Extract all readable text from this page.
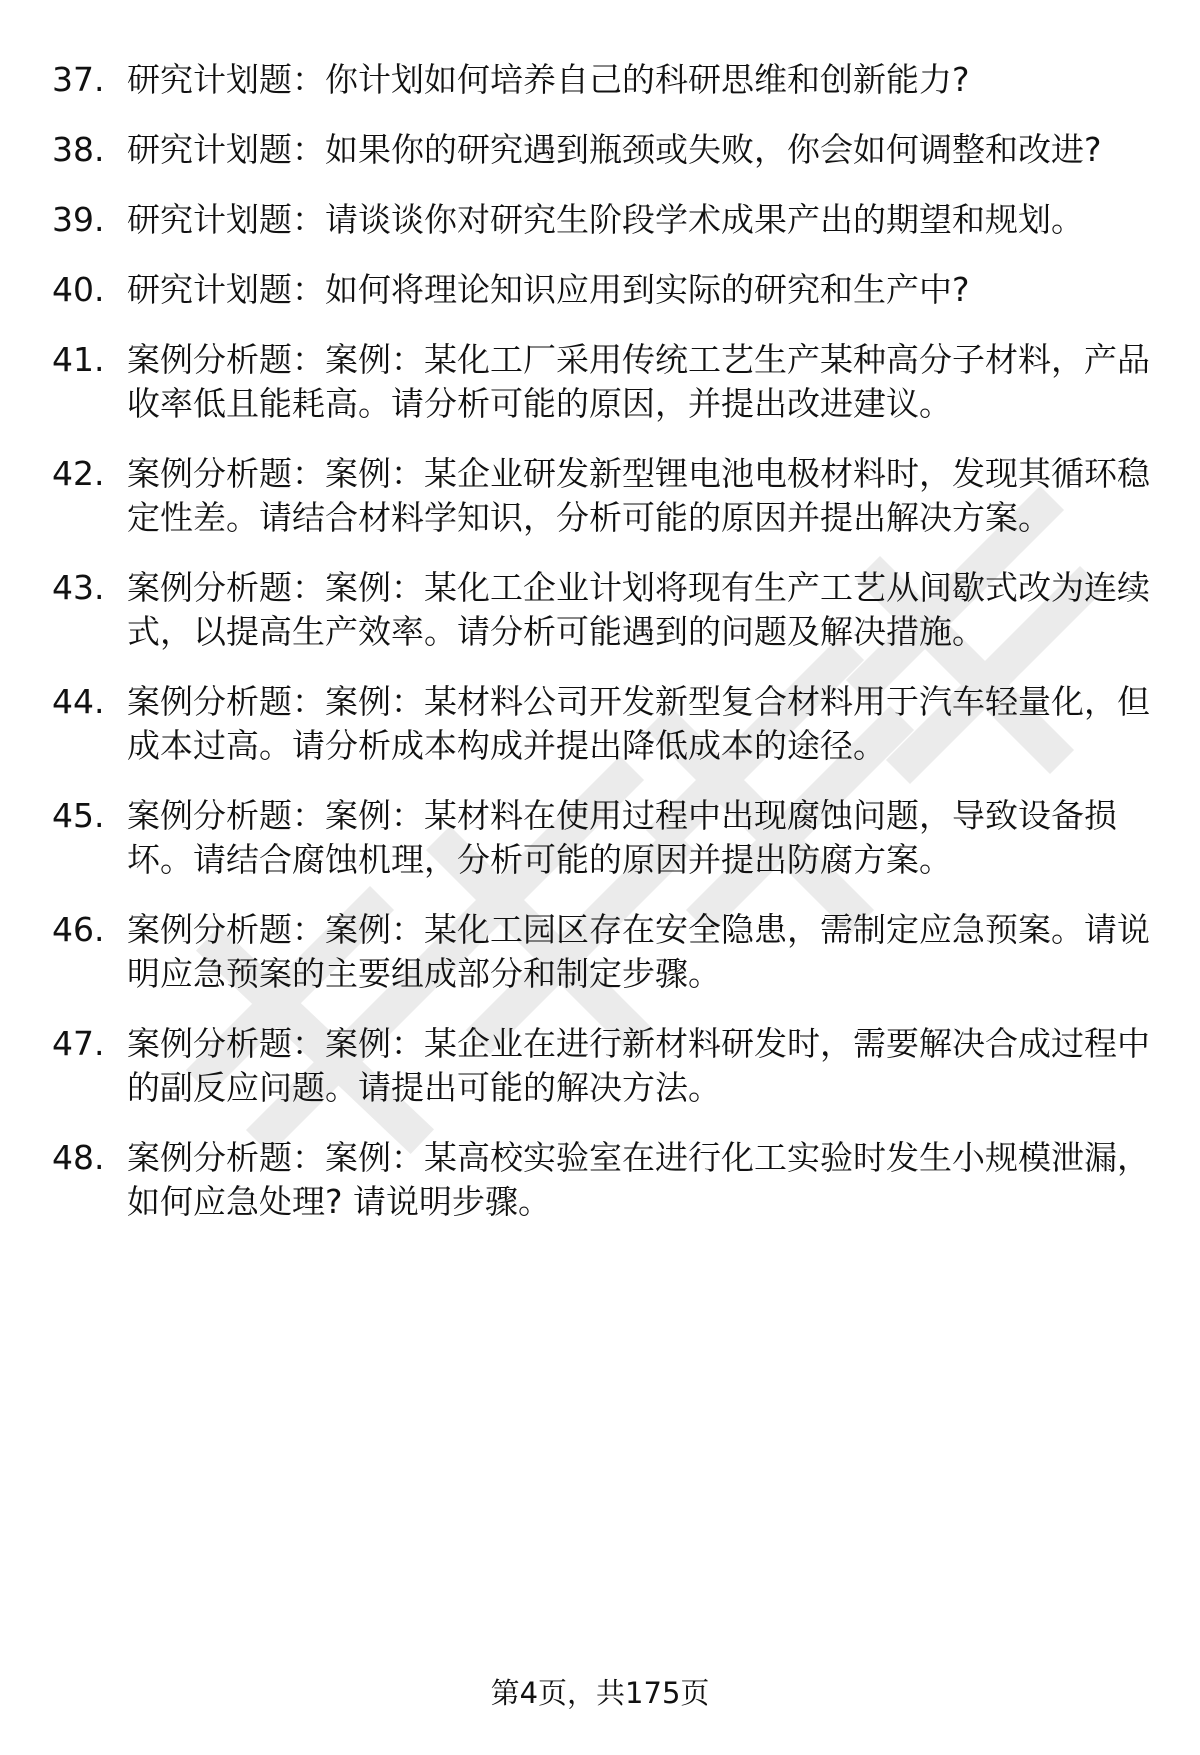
37. 研究计划题：你计划如何培养自己的科研思维和创新能力?
38. 研究计划题：如果你的研究遇到瓶颈或失败，你会如何调整和改进?
39. 研究计划题：请谈谈你对研究生阶段学术成果产出的期望和规划。
40. 研究计划题：如何将理论知识应用到实际的研究和生产中?
41. 案例分析题：案例：某化工厂采用传统工艺生产某种高分子材料，产品收率低且能耗高。请分析可能的原因，并提出改进建议。
42. 案例分析题：案例：某企业研发新型锂电池电极材料时，发现其循环稳定性差。请结合材料学知识，分析可能的原因并提出解决方案。
43. 案例分析题：案例：某化工企业计划将现有生产工艺从间歇式改为连续式，以提高生产效率。请分析可能遇到的问题及解决措施。
44. 案例分析题：案例：某材料公司开发新型复合材料用于汽车轻量化，但成本过高。请分析成本构成并提出降低成本的途径。
45. 案例分析题：案例：某材料在使用过程中出现腐蚀问题，导致设备损坏。请结合腐蚀机理，分析可能的原因并提出防腐方案。
46. 案例分析题：案例：某化工园区存在安全隐患，需制定应急预案。请说明应急预案的主要组成部分和制定步骤。
47. 案例分析题：案例：某企业在进行新材料研发时，需要解决合成过程中的副反应问题。请提出可能的解决方法。
48. 案例分析题：案例：某高校实验室在进行化工实验时发生小规模泄漏，如何应急处理? 请说明步骤。
第4页，共175页
